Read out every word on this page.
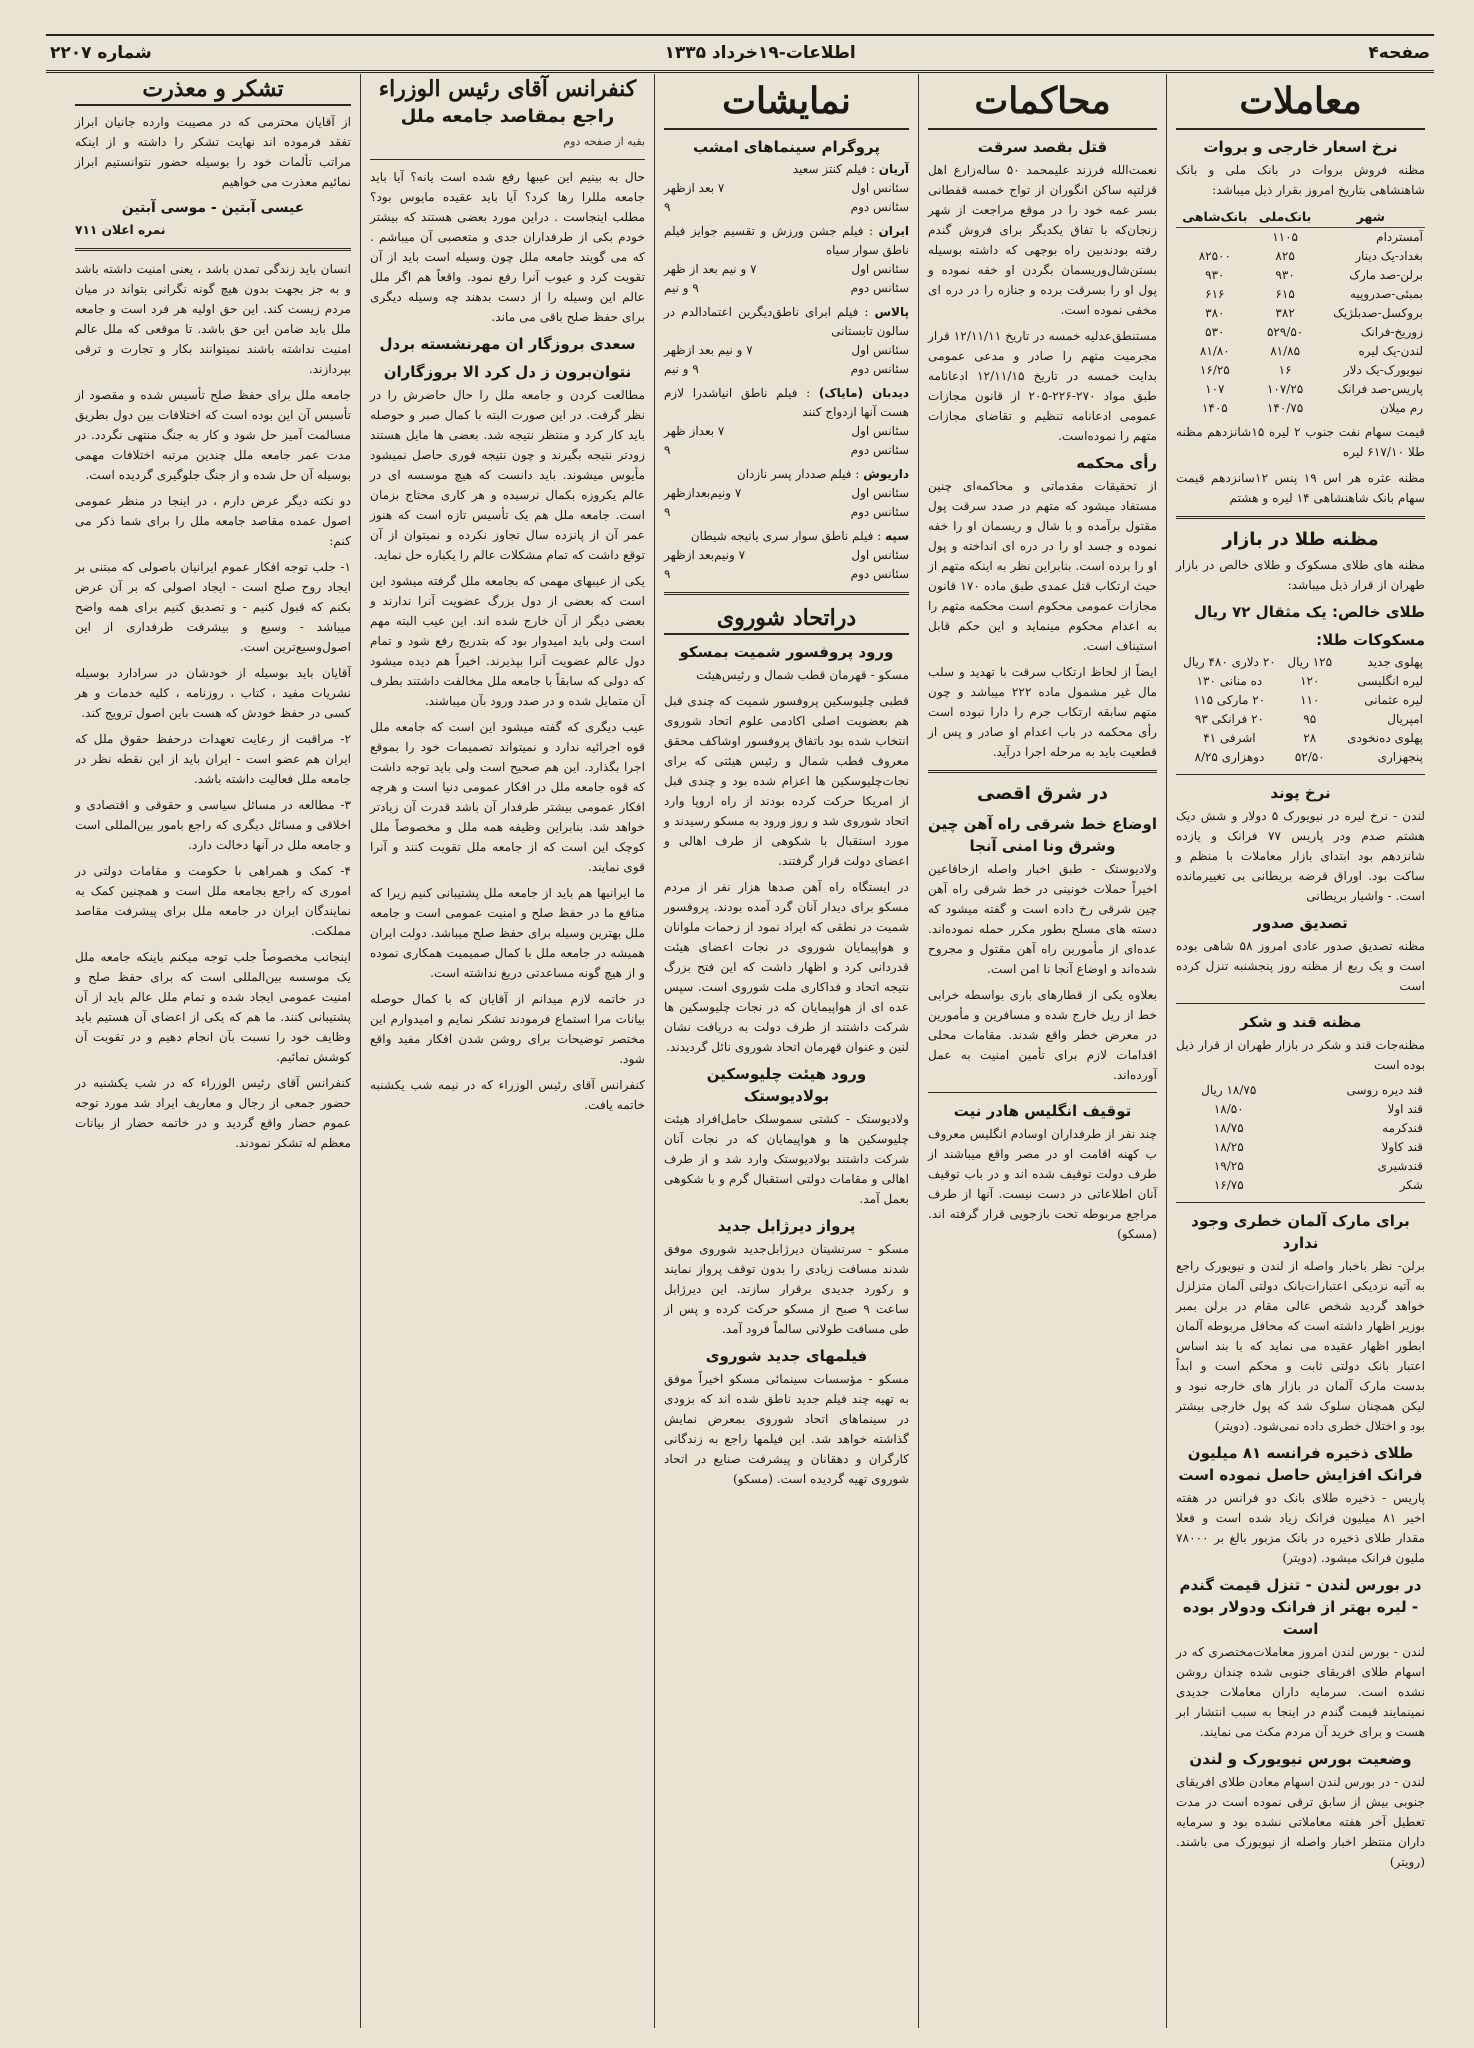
صفحه۴
اطلاعات-۱۹خرداد ۱۳۳۵
شماره ۲۲۰۷
معاملات
نرخ اسعار خارجی و بروات

مظنه فروش بروات در بانک ملی و بانک شاهنشاهی بتاریخ امروز بقرار ذیل میباشد:

شهر	بانک‌ملی	بانک‌شاهی
آمستردام	۱۱۰۵	
بغداد-یک دینار	۸۲۵	۸۲۵۰۰
برلن-صد مارک	۹۳۰	۹۳۰
بمبئی-صدروپیه	۶۱۵	۶۱۶
بروکسل-صدبلژیک	۳۸۲	۳۸۰
زوریخ-فرانک	۵۲۹/۵۰	۵۳۰
لندن-یک لیره	۸۱/۸۵	۸۱/۸۰
نیویورک-یک دلار	۱۶	۱۶/۲۵
پاریس-صد فرانک	۱۰۷/۲۵	۱۰۷
رم میلان	۱۴۰/۷۵	۱۴۰۵

قیمت سهام نفت جنوب ۲ لیره ۱۵شانزدهم مظنه طلا ۶۱۷/۱۰ لیره

مظنه عثره هر اس ۱۹ پنس ۱۲سانزدهم قیمت سهام بانک شاهنشاهی ۱۴ لیره و هشتم

مظنه طلا در بازار

مظنه های طلای مسکوک و طلای خالص در بازار طهران از قرار ذیل میباشد:

طلای خالص: یک مثقال ۷۲ ریال
مسکوکات طلا:
پهلوی جدید	۱۲۵ ریال	۲۰ دلاری ۴۸۰ ریال
لیره انگلیسی	۱۲۰	ده منانی ۱۳۰
لیره عثمانی	۱۱۰	۲۰ مارکی ۱۱۵
امپریال	۹۵	۲۰ فرانکی ۹۳
پهلوی ده‌نخودی	۲۸	اشرفی ۴۱
پنجهزاری	۵۲/۵۰	دوهزاری ۸/۲۵
نرخ پوند

لندن - نرخ لیره در نیویورک ۵ دولار و شش دیک هشتم صدم ودر پاریس ۷۷ فرانک و یازده شانزدهم بود ابتدای بازار معاملات با منظم و ساکت بود. اوراق قرضه بریطانی بی تغییرمانده است. - واشیار بریطانی

تصدیق صدور

مظنه تصدیق صدور عادی امروز ۵۸ شاهی بوده است و یک ربع از مظنه روز پنجشنبه تنزل کرده است

مظنه قند و شکر

مظنه‌جات قند و شکر در بازار طهران از قرار ذیل بوده است

قند دیره روسی	۱۸/۷۵ ریال
قند اولا	۱۸/۵۰
قندکرمه	۱۸/۷۵
قند کاولا	۱۸/۲۵
قندشیری	۱۹/۲۵
شکر	۱۶/۷۵
برای مارک آلمان خطری وجود ندارد

برلن- نظر باخبار واصله از لندن و نیویورک راجع به آتیه نزدیکی اعتبارات‌بانک دولتی آلمان متزلزل خواهد گردید شخص عالی مقام در برلن بمبر بوزیر اظهار داشته است که محافل مربوطه آلمان ابطور اظهار عقیده می نماید که با بند اساس اعتبار بانک دولتی ثابت و محکم است و ابداً بدست مارک آلمان در بازار های خارجه نبود و لیکن همچنان سلوک شد که پول خارجی بیشتر بود و اختلال خطری داده نمی‌شود. (دویتر)

طلای ذخیره فرانسه ۸۱ میلیون فرانک افزایش حاصل نموده است

پاریس - ذخیره طلای بانک دو فرانس در هفته اخیر ۸۱ میلیون فرانک زیاد شده است و فعلا مقدار طلای ذخیره در بانک مزبور بالغ بر ۷۸۰۰۰ ملیون فرانک میشود. (دویتر)

در بورس لندن - تنزل قیمت گندم - لیره بهتر از فرانک ودولار بوده است

لندن - بورس لندن امروز معاملات‌مختصری که در اسهام طلای افریقای جنوبی شده چندان روشن نشده است. سرمایه داران معاملات جدیدی نمینمایند قیمت گندم در اینجا به سبب انتشار ابر هست و برای خرید آن مردم مکث می نمایند.

وضعیت بورس نیویورک و لندن

لندن - در بورس لندن اسهام معادن طلای افریقای جنوبی بیش از سابق ترقی نموده است در مدت تعطیل آخر هفته معاملاتی نشده بود و سرمایه داران منتظر اخبار واصله از نیویورک می باشند. (رویتر)

محاکمات
قتل بقصد سرقت

نعمت‌الله فرزند علیمحمد ۵۰ ساله‌زارع اهل قزلتپه ساکن انگوران از تواج خمسه قفطانی بسر عمه خود را در موقع مراجعت از شهر زنجان‌که با تفاق یکدیگر برای فروش گندم رفته بودندبین راه بوجهی که داشته بوسیله بستن‌شال‌وریسمان بگردن او خفه نموده و پول او را بسرقت برده و جنازه را در دره ای مخفی نموده است.

مستنطق‌عدلیه خمسه در تاریخ ۱۲/۱۱/۱۱ قرار مجرمیت متهم را صادر و مدعی عمومی بدایت خمسه در تاریخ ۱۲/۱۱/۱۵ ادعانامه طبق مواد ۲۷۰-۲۲۶-۲۰۵ از قانون مجازات عمومی ادعانامه تنظیم و تقاضای مجازات متهم را نموده‌است.

رأی محکمه

از تحقیقات مقدماتی و محاکمه‌ای چنین مستفاد میشود که متهم در صدد سرقت پول مقتول برآمده و با شال و ریسمان او را خفه نموده و جسد او را در دره ای انداخته و پول او را برده است. بنابراین نظر به اینکه متهم از حیث ارتکاب قتل عمدی طبق ماده ۱۷۰ قانون مجازات عمومی محکوم است محکمه متهم را به اعدام محکوم مینماید و این حکم قابل استیناف است.

ایضاً از لحاظ ارتکاب سرقت با تهدید و سلب مال غیر مشمول ماده ۲۲۲ میباشد و چون متهم سابقه ارتکاب جرم را دارا نبوده است رأی محکمه در باب اعدام او صادر و پس از قطعیت باید به مرحله اجرا درآید.

در شرق اقصی
اوضاع خط شرقی راه آهن چین وشرق ونا امنی آنجا

ولادیوستک - طبق اخبار واصله ازخاقاعین اخیراً حملات خونینی در خط شرقی راه آهن چین شرقی رخ داده است و گفته میشود که دسته های مسلح بطور مکرر حمله نموده‌اند. عده‌ای از مأمورین راه آهن مقتول و مجروح شده‌اند و اوضاع آنجا نا امن است.

بعلاوه یکی از قطارهای باری بواسطه خرابی خط از ریل خارج شده و مسافرین و مأمورین در معرض خطر واقع شدند. مقامات محلی اقدامات لازم برای تأمین امنیت به عمل آورده‌اند.

توقیف انگلیس هادر نیت

چند نفر از طرفداران اوسادم انگلیس معروف ب کهنه اقامت او در مصر واقع میباشند از طرف دولت توقیف شده اند و در باب توقیف آنان اطلاعاتی در دست نیست. آنها از طرف مراجع مربوطه تحت بازجویی قرار گرفته اند. (مسکو)

نمایشات
پروگرام سینماهای امشب
آریان : فیلم کنتز سعید
سئانس اول
۷ بعد ازظهر
سئانس دوم
۹
ایران : فیلم جشن ورزش و تقسیم جوایز فیلم ناطق سوار سیاه
سئانس اول
۷ و نیم بعد از ظهر
سئانس دوم
۹ و نیم
پالاس : فیلم ابرای ناطق‌دیگرین اعتمادالدم در سالون تابستانی
سئانس اول
۷ و نیم بعد ازظهر
سئانس دوم
۹ و نیم
دیدبان (مایاک) : فیلم ناطق انیاشدرا لازم هست آنها ازدواج کنند
سئانس اول
۷ بعداز ظهر
سئانس دوم
۹
داریوش : فیلم صددار پسر نازدان
سئانس اول
۷ ونیم‌بعدازظهر
سئانس دوم
۹
سپه : فیلم ناطق سوار سری یانیجه شیطان
سئانس اول
۷ ونیم‌بعد ازظهر
سئانس دوم
۹
دراتحاد شوروی
ورود پروفسور شمیت بمسکو

مسکو - قهرمان قطب شمال و رئیس‌هیئت

قطبی چلیوسکین پروفسور شمیت که چندی قبل هم بعضویت اصلی اکادمی علوم اتحاد شوروی انتخاب شده بود باتفاق پروفسور اوشاکف محقق معروف قطب شمال و رئیس هیئتی که برای نجات‌چلیوسکین ها اعزام شده بود و چندی قبل از امریکا حرکت کرده بودند از راه اروپا وارد اتحاد شوروی شد و روز ورود به مسکو رسیدند و مورد استقبال با شکوهی از طرف اهالی و اعضای دولت قرار گرفتند.

در ایستگاه راه آهن صدها هزار نفر از مردم مسکو برای دیدار آنان گرد آمده بودند. پروفسور شمیت در نطقی که ایراد نمود از زحمات ملوانان و هواپیمایان شوروی در نجات اعضای هیئت قدردانی کرد و اظهار داشت که این فتح بزرگ نتیجه اتحاد و فداکاری ملت شوروی است. سپس عده ای از هواپیمایان که در نجات چلیوسکین ها شرکت داشتند از طرف دولت به دریافت نشان لنین و عنوان قهرمان اتحاد شوروی نائل گردیدند.

ورود هیئت چلیوسکین بولادیوستک

ولادیوستک - کشتی سموسلک حامل‌افراد هیئت چلیوسکین ها و هواپیمایان که در نجات آنان شرکت داشتند بولادیوستک وارد شد و از طرف اهالی و مقامات دولتی استقبال گرم و با شکوهی بعمل آمد.

پرواز دیرژابل جدید

مسکو - سرنشینان دیرژابل‌جدید شوروی موفق شدند مسافت زیادی را بدون توقف پرواز نمایند و رکورد جدیدی برقرار سازند. این دیرژابل ساعت ۹ صبح از مسکو حرکت کرده و پس از طی مسافت طولانی سالماً فرود آمد.

فیلمهای جدید شوروی

مسکو - مؤسسات سینمائی مسکو اخیراً موفق به تهیه چند فیلم جدید ناطق شده اند که بزودی در سینماهای اتحاد شوروی بمعرض نمایش گذاشته خواهد شد. این فیلمها راجع به زندگانی کارگران و دهقانان و پیشرفت صنایع در اتحاد شوروی تهیه گردیده است. (مسکو)

کنفرانس آقای رئیس الوزراء
راجع بمقاصد جامعه ملل
بقیه از صفحه دوم

حال به بینیم این عیبها رفع شده است یانه؟ آیا باید جامعه مللرا رها کرد؟ آیا باید عقیده مایوس بود؟ مطلب اینجاست . دراین مورد بعضی هستند که بیشتر خودم بکی از طرفداران جدی و متعصبی آن میباشم . که می گویند جامعه ملل چون وسیله است باید از آن تقویت کرد و عیوب آنرا رفع نمود. واقعاً هم اگر ملل عالم این وسیله را از دست بدهند چه وسیله دیگری برای حفظ صلح باقی می ماند.

سعدی بروزگار ان مهرنشسته بردل
نتوان‌برون ز دل کرد الا بروزگاران

مطالعت کردن و جامعه ملل را حال حاضرش را در نظر گرفت. در این صورت البته با کمال صبر و حوصله باید کار کرد و منتظر نتیجه شد. بعضی ها مایل هستند زودتر نتیجه بگیرند و چون نتیجه فوری حاصل نمیشود مأیوس میشوند. باید دانست که هیچ موسسه ای در عالم یکروزه بکمال نرسیده و هر کاری محتاج بزمان است. جامعه ملل هم یک تأسیس تازه است که هنوز عمر آن از پانزده سال تجاوز نکرده و نمیتوان از آن توقع داشت که تمام مشکلات عالم را یکباره حل نماید.

یکی از عیبهای مهمی که بجامعه ملل گرفته میشود این است که بعضی از دول بزرگ عضویت آنرا ندارند و بعضی دیگر از آن خارج شده اند. این عیب البته مهم است ولی باید امیدوار بود که بتدریج رفع شود و تمام دول عالم عضویت آنرا بپذیرند. اخیراً هم دیده میشود که دولی که سابقاً با جامعه ملل مخالفت داشتند بطرف آن متمایل شده و در صدد ورود بآن میباشند.

عیب دیگری که گفته میشود این است که جامعه ملل قوه اجرائیه ندارد و نمیتواند تصمیمات خود را بموقع اجرا بگذارد. این هم صحیح است ولی باید توجه داشت که قوه جامعه ملل در افکار عمومی دنیا است و هرچه افکار عمومی بیشتر طرفدار آن باشد قدرت آن زیادتر خواهد شد. بنابراین وظیفه همه ملل و مخصوصاً ملل کوچک این است که از جامعه ملل تقویت کنند و آنرا قوی نمایند.

ما ایرانیها هم باید از جامعه ملل پشتیبانی کنیم زیرا که منافع ما در حفظ صلح و امنیت عمومی است و جامعه ملل بهترین وسیله برای حفظ صلح میباشد. دولت ایران همیشه در جامعه ملل با کمال صمیمیت همکاری نموده و از هیچ گونه مساعدتی دریغ نداشته است.

در خاتمه لازم میدانم از آقایان که با کمال حوصله بیانات مرا استماع فرمودند تشکر نمایم و امیدوارم این مختصر توضیحات برای روشن شدن افکار مفید واقع شود.

کنفرانس آقای رئیس الوزراء که در نیمه شب یکشنبه خاتمه یافت.

تشکر و معذرت

از آقایان محترمی که در مصیبت وارده جانیان ابراز تفقد فرموده اند نهایت تشکر را داشته و از اینکه مراتب تألمات خود را بوسیله حضور نتوانستیم ابراز نمائیم معذرت می خواهیم

عیسی آبتین - موسی آبتین
نمره اعلان ۷۱۱

انسان باید زندگی تمدن باشد ، یعنی امنیت داشته باشد و به جز بجهت بدون هیچ گونه نگرانی بتواند در میان مردم زیست کند. این حق اولیه هر فرد است و جامعه ملل باید ضامن این حق باشد. تا موقعی که ملل عالم امنیت نداشته باشند نمیتوانند بکار و تجارت و ترقی بپردازند.

جامعه ملل برای حفظ صلح تأسیس شده و مقصود از تأسیس آن این بوده است که اختلافات بین دول بطریق مسالمت آمیز حل شود و کار به جنگ منتهی نگردد. در مدت عمر جامعه ملل چندین مرتبه اختلافات مهمی بوسیله آن حل شده و از جنگ جلوگیری گردیده است.

دو نکته دیگر عرض دارم ، در اینجا در منظر عمومی اصول عمده مقاصد جامعه ملل را برای شما ذکر می کنم:

۱- جلب توجه افکار عموم ایرانیان باصولی که مبتنی بر ایجاد روح صلح است - ایجاد اصولی که بر آن عرض بکنم که قبول کنیم - و تصدیق کنیم برای همه واضح میباشد - وسیع و بیشرفت طرفداری از این اصول‌وسیع‌ترین است.

آقایان باید بوسیله از خودشان در سرادارد بوسیله نشریات مفید ، کتاب ، روزنامه ، کلیه خدمات و هر کسی در حفظ خودش که هست باین اصول ترویج کند.

۲- مراقبت از رعایت تعهدات درحفظ حقوق ملل که ایران هم عضو است - ایران باید از این نقطه نظر در جامعه ملل فعالیت داشته باشد.

۳- مطالعه در مسائل سیاسی و حقوقی و اقتصادی و اخلاقی و مسائل دیگری که راجع بامور بین‌المللی است و جامعه ملل در آنها دخالت دارد.

۴- کمک و همراهی با حکومت و مقامات دولتی در اموری که راجع بجامعه ملل است و همچنین کمک به نمایندگان ایران در جامعه ملل برای پیشرفت مقاصد مملکت.

اینجانب مخصوصاً جلب توجه میکنم باینکه جامعه ملل یک موسسه بین‌المللی است که برای حفظ صلح و امنیت عمومی ایجاد شده و تمام ملل عالم باید از آن پشتیبانی کنند. ما هم که یکی از اعضای آن هستیم باید وظایف خود را نسبت بآن انجام دهیم و در تقویت آن کوشش نمائیم.

کنفرانس آقای رئیس الوزراء که در شب یکشنبه در حضور جمعی از رجال و معاریف ایراد شد مورد توجه عموم حضار واقع گردید و در خاتمه حضار از بیانات معظم له تشکر نمودند.
